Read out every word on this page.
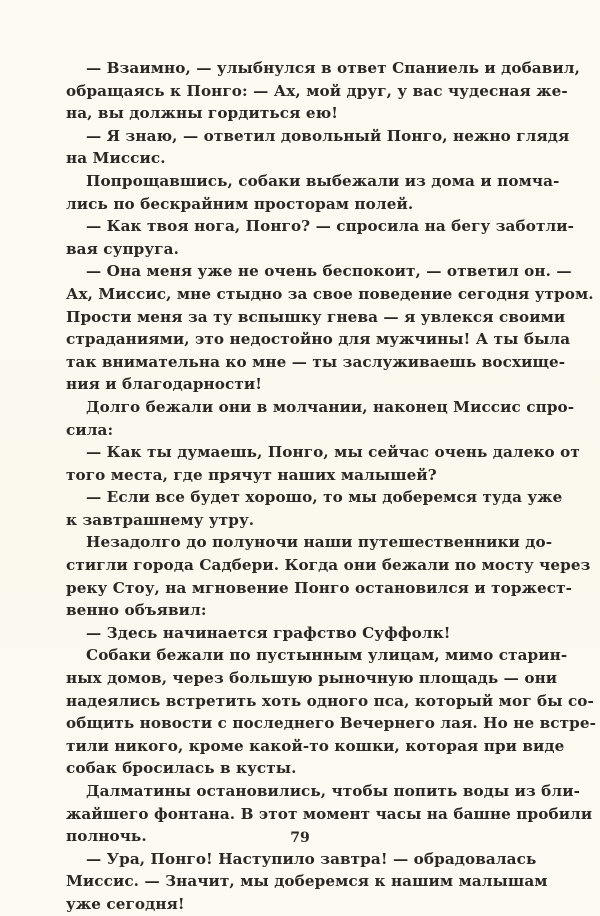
— Взаимно, — улыбнулся в ответ Спаниель и добавил,
обращаясь к Понго: — Ах, мой друг, у вас чудесная же-
на, вы должны гордиться ею!
— Я знаю, — ответил довольный Понго, нежно глядя
на Миссис.
Попрощавшись, собаки выбежали из дома и помча-
лись по бескрайним просторам полей.
— Как твоя нога, Понго? — спросила на бегу заботли-
вая супруга.
— Она меня уже не очень беспокоит, — ответил он. —
Ах, Миссис, мне стыдно за свое поведение сегодня утром.
Прости меня за ту вспышку гнева — я увлекся своими
страданиями, это недостойно для мужчины! А ты была
так внимательна ко мне — ты заслуживаешь восхище-
ния и благодарности!
Долго бежали они в молчании, наконец Миссис спро-
сила:
— Как ты думаешь, Понго, мы сейчас очень далеко от
того места, где прячут наших малышей?
— Если все будет хорошо, то мы доберемся туда уже
к завтрашнему утру.
Незадолго до полуночи наши путешественники до-
стигли города Садбери. Когда они бежали по мосту через
реку Стоу, на мгновение Понго остановился и торжест-
венно объявил:
— Здесь начинается графство Суффолк!
Собаки бежали по пустынным улицам, мимо старин-
ных домов, через большую рыночную площадь — они
надеялись встретить хоть одного пса, который мог бы со-
общить новости с последнего Вечернего лая. Но не встре-
тили никого, кроме какой-то кошки, которая при виде
собак бросилась в кусты.
Далматины остановились, чтобы попить воды из бли-
жайшего фонтана. В этот момент часы на башне пробили
полночь.
— Ура, Понго! Наступило завтра! — обрадовалась
Миссис. — Значит, мы доберемся к нашим малышам
уже сегодня!
79
